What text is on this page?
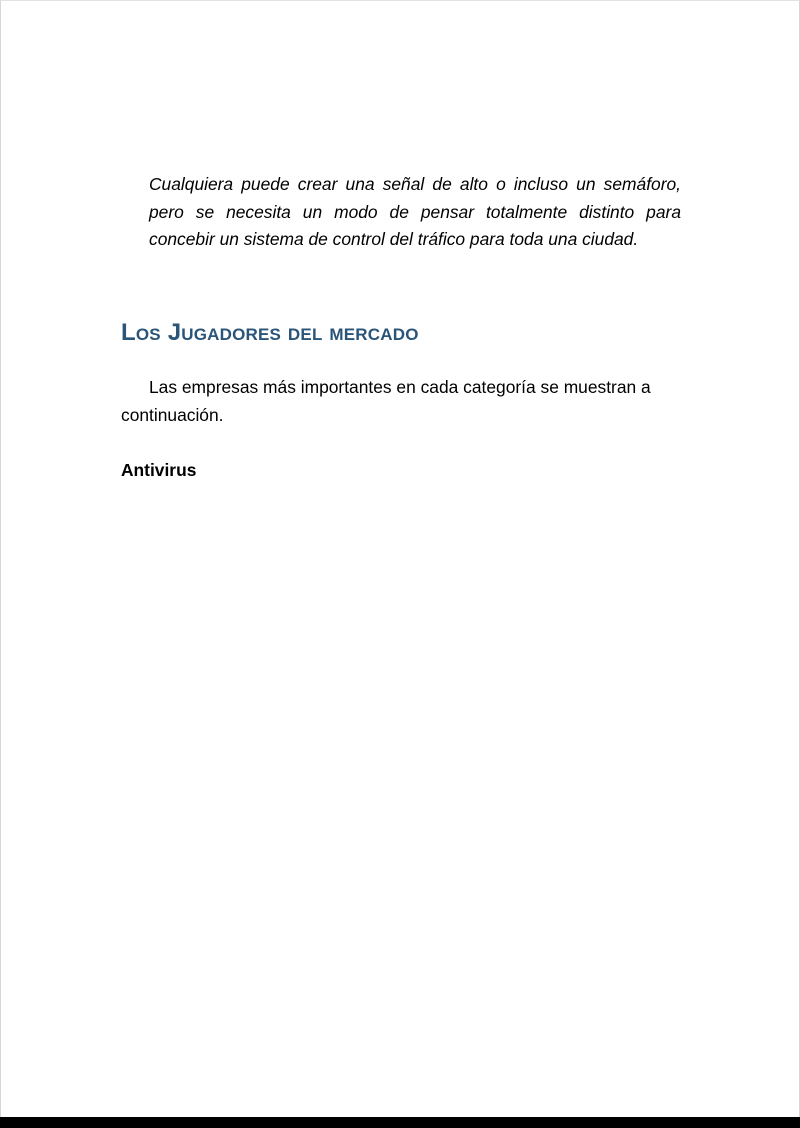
Cualquiera puede crear una señal de alto o incluso un semáforo, pero se necesita un modo de pensar totalmente distinto para concebir un sistema de control del tráfico para toda una ciudad.

Los Jugadores del mercado

Las empresas más importantes en cada categoría se muestran a continuación.

Antivirus
